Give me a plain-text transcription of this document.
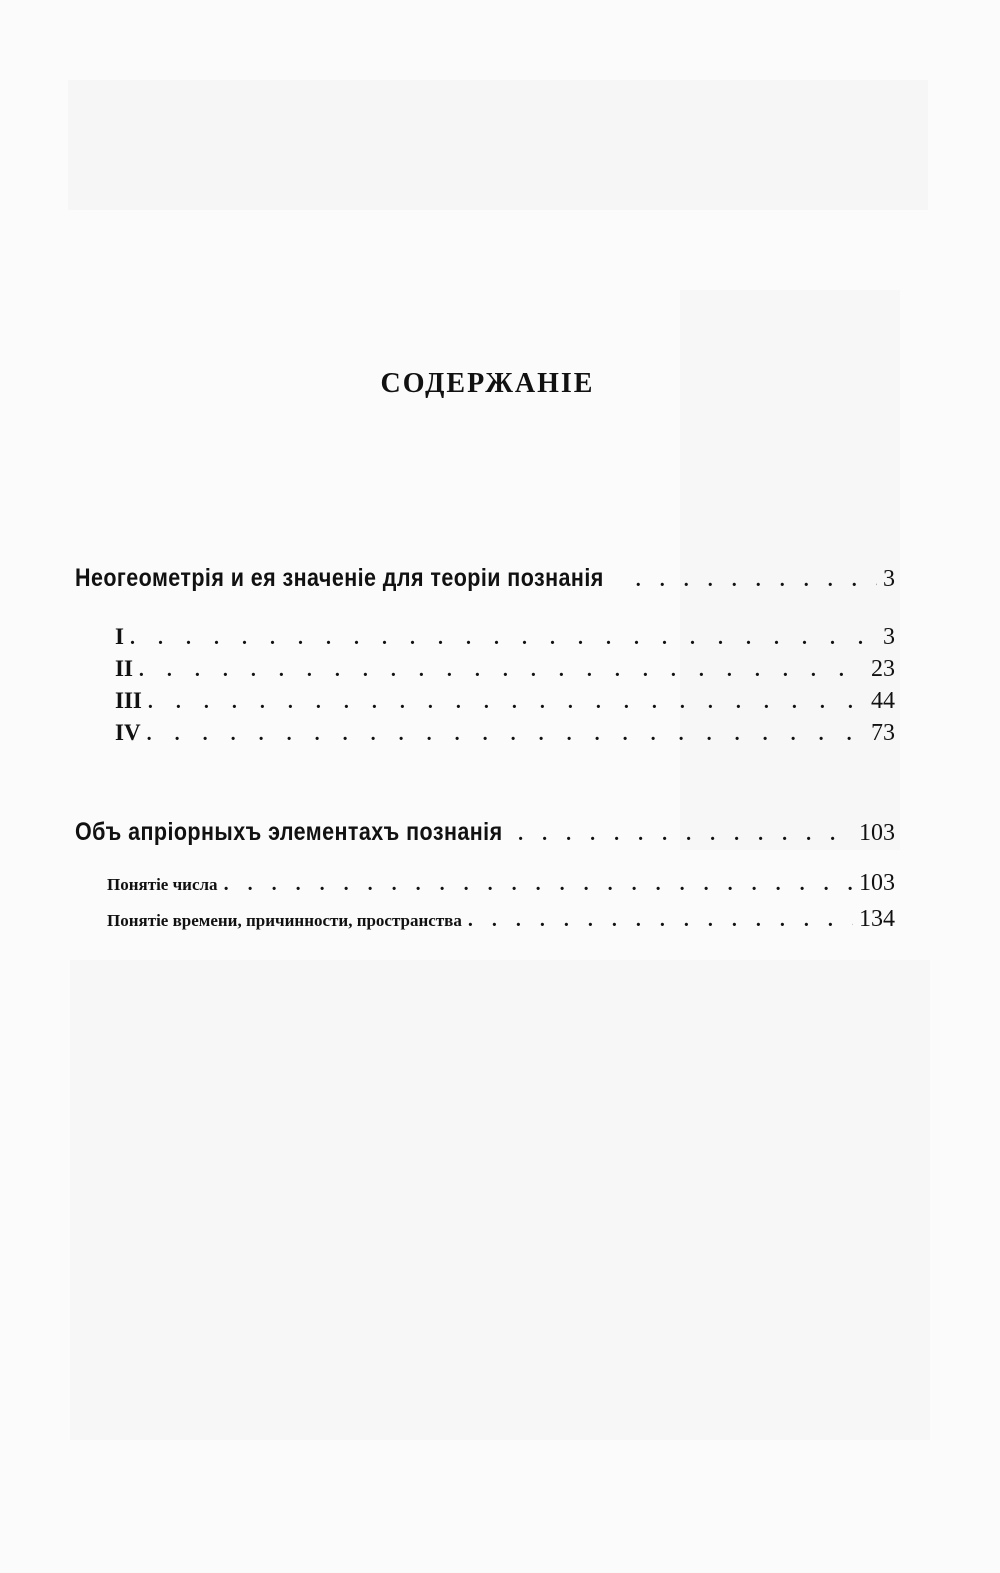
СОДЕРЖАНIЕ
Неогеометрія и ея значеніе для теоріи познанія . . .	3
I . . .	3
II . . .	23
III . . .	44
IV . . .	73
Объ апріорныхъ элементахъ познанія . . .	103
Понятіе числа . . .	103
Понятіе времени, причинности, пространства . . .	134
